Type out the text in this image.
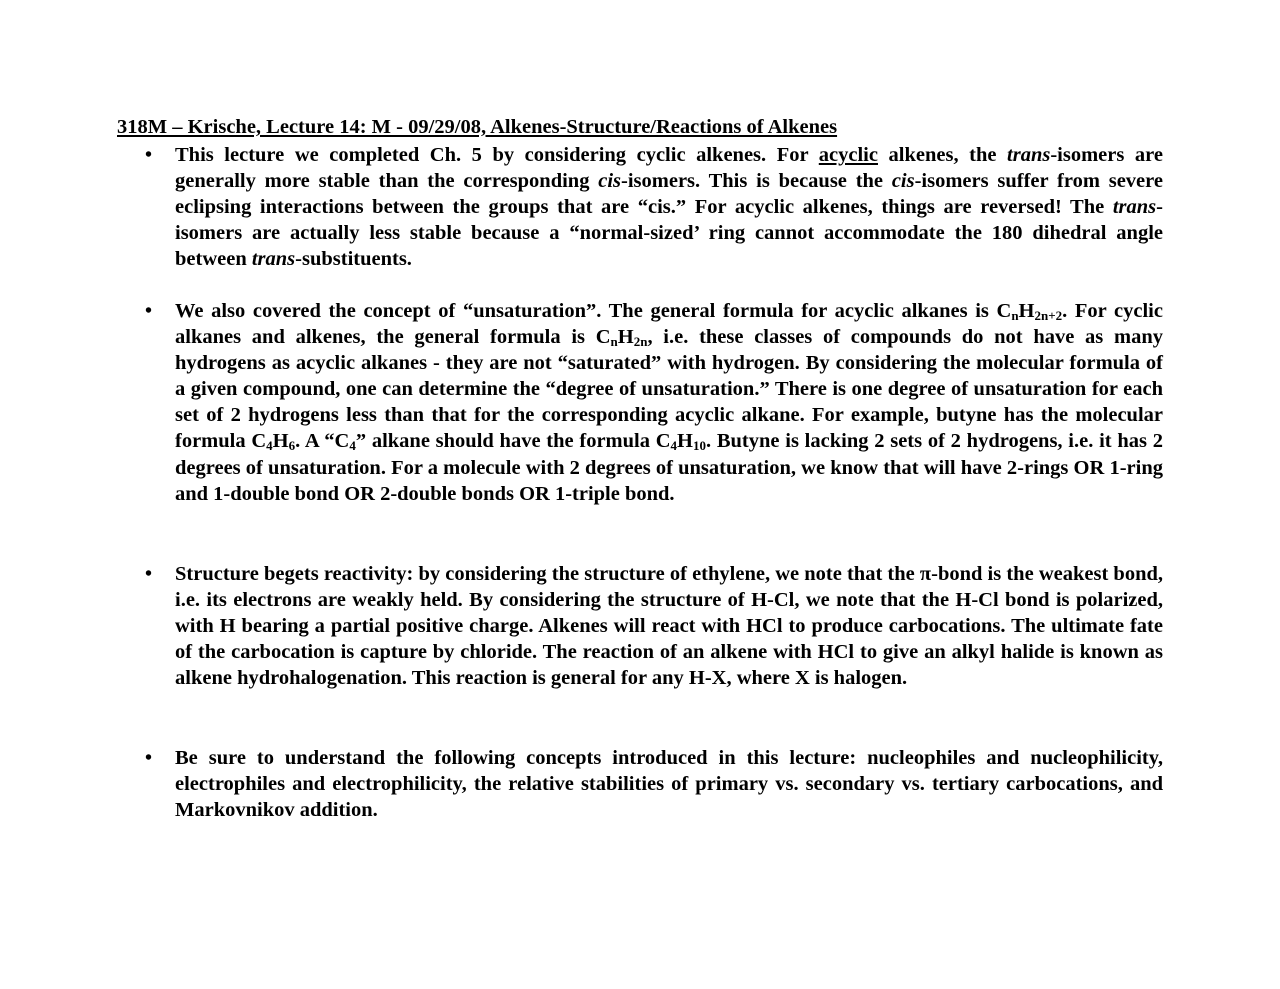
318M – Krische, Lecture 14: M - 09/29/08, Alkenes-Structure/Reactions of Alkenes
• This lecture we completed Ch. 5 by considering cyclic alkenes. For acyclic alkenes, the trans-isomers are generally more stable than the corresponding cis-isomers. This is because the cis-isomers suffer from severe eclipsing interactions between the groups that are “cis.” For acyclic alkenes, things are reversed! The trans-isomers are actually less stable because a “normal-sized’ ring cannot accommodate the 180 dihedral angle between trans-substituents.
• We also covered the concept of “unsaturation”. The general formula for acyclic alkanes is $C_nH_{2n+2}$. For cyclic alkanes and alkenes, the general formula is $C_nH_{2n}$, i.e. these classes of compounds do not have as many hydrogens as acyclic alkanes - they are not “saturated” with hydrogen. By considering the molecular formula of a given compound, one can determine the “degree of unsaturation.” There is one degree of unsaturation for each set of 2 hydrogens less than that for the corresponding acyclic alkane. For example, butyne has the molecular formula $C_4H_6$. A “$C_4$” alkane should have the formula $C_4H_{10}$. Butyne is lacking 2 sets of 2 hydrogens, i.e. it has 2 degrees of unsaturation. For a molecule with 2 degrees of unsaturation, we know that will have 2-rings OR 1-ring and 1-double bond OR 2-double bonds OR 1-triple bond.
• Structure begets reactivity: by considering the structure of ethylene, we note that the π-bond is the weakest bond, i.e. its electrons are weakly held. By considering the structure of H-Cl, we note that the H-Cl bond is polarized, with H bearing a partial positive charge. Alkenes will react with HCl to produce carbocations. The ultimate fate of the carbocation is capture by chloride. The reaction of an alkene with HCl to give an alkyl halide is known as alkene hydrohalogenation. This reaction is general for any H-X, where X is halogen.
• Be sure to understand the following concepts introduced in this lecture: nucleophiles and nucleophilicity, electrophiles and electrophilicity, the relative stabilities of primary vs. secondary vs. tertiary carbocations, and Markovnikov addition.
